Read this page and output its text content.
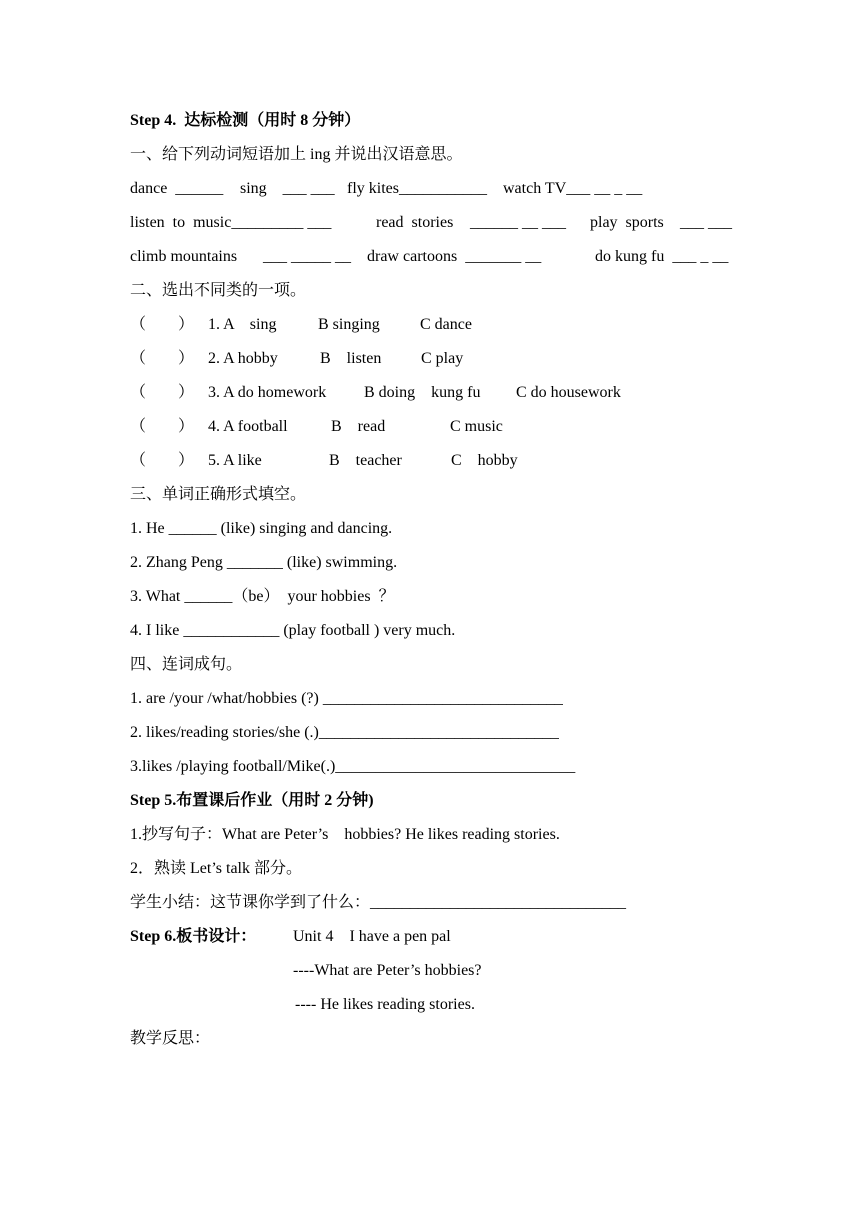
Step 4.  达标检测（用时 8 分钟）
一、给下列动词短语加上 ing 并说出汉语意思。
dance  ______ sing    ___ ___ fly kites___________ watch TV___ __ _ __
listen  to  music_________ ___	read  stories ______ __ ___ play  sports ___ ___
climb mountains ___ _____ __ draw cartoons  _______ __	do kung fu  ___ _ __
二、选出不同类的一项。
（        ） 1. A    sing	B singing	C dance
（        ） 2. A hobby	B    listen C play
（        ） 3. A do homework B doing    kung fu C do housework
（        ） 4. A football	B    read	C music
（        ） 5. A like	B    teacher	C    hobby
三、单词正确形式填空。
1. He ______ (like) singing and dancing.
2. Zhang Peng _______ (like) swimming.
3. What ______（be）  your hobbies  ？
4. I like ____________ (play football ) very much.
四、连词成句。
1. are /your /what/hobbies (?) ______________________________
2. likes/reading stories/she (.)______________________________
3.likes /playing football/Mike(.)______________________________
Step 5.布置课后作业（用时 2 分钟)
1.抄写句子：What are Peter’s    hobbies? He likes reading stories.
2．熟读 Let’s talk 部分。
学生小结：这节课你学到了什么：________________________________
Step 6.板书设计： Unit 4    I have a pen pal
----What are Peter’s hobbies?
---- He likes reading stories.
教学反思：
